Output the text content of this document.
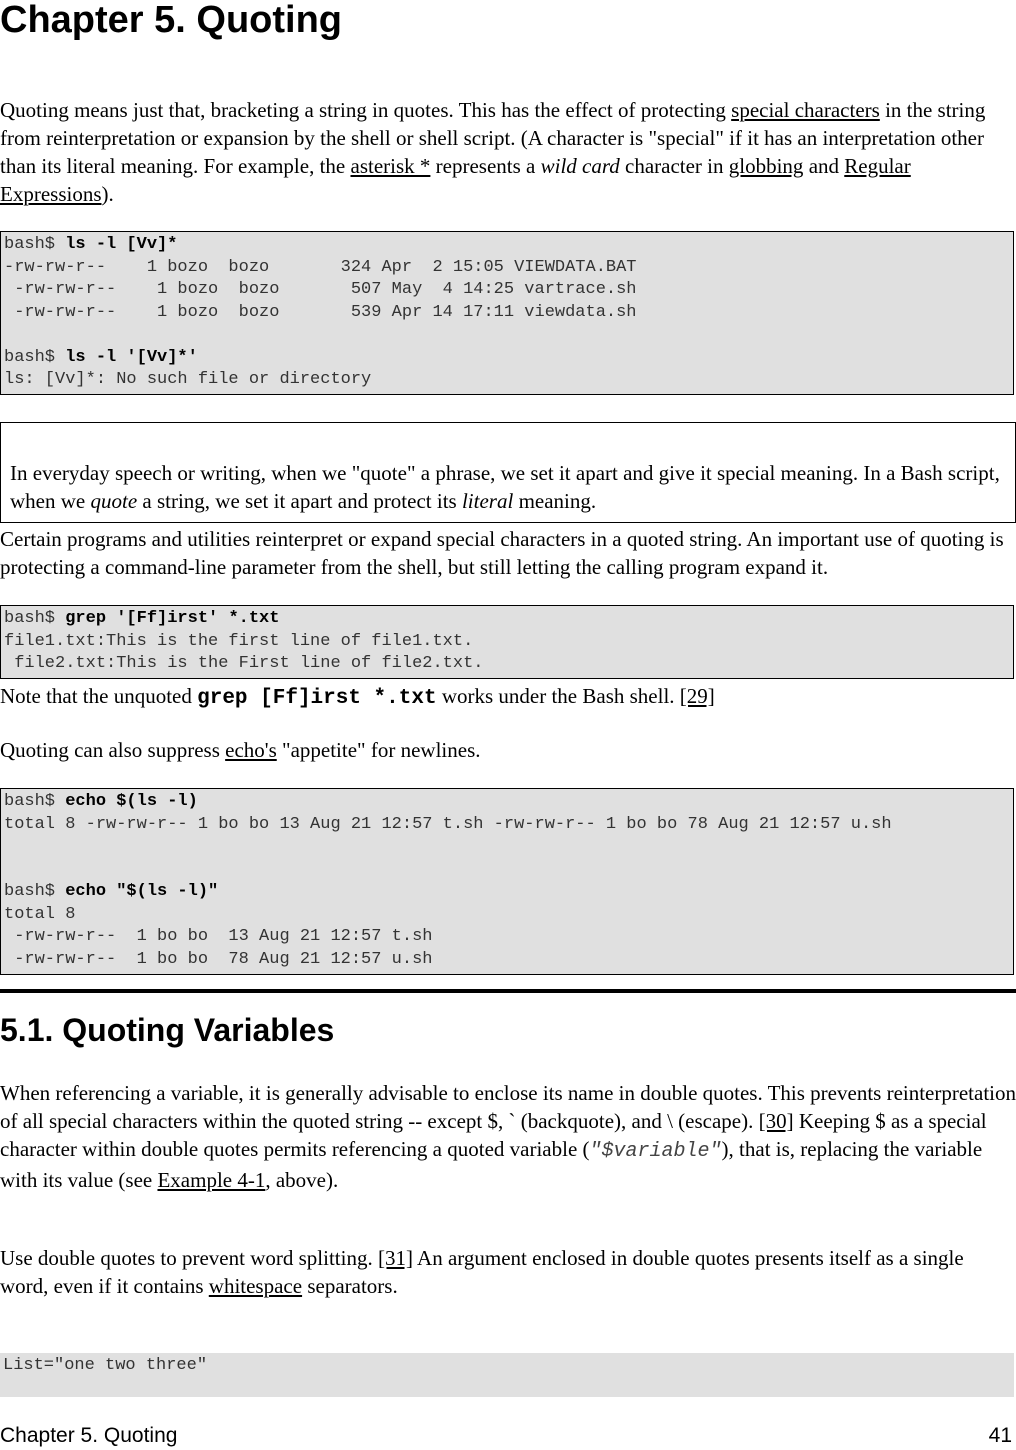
Chapter 5. Quoting

Quoting means just that, bracketing a string in quotes. This has the effect of protecting special characters in the string from reinterpretation or expansion by the shell or shell script. (A character is "special" if it has an interpretation other than its literal meaning. For example, the asterisk * represents a wild card character in globbing and Regular Expressions).

bash$ ls -l [Vv]*
-rw-rw-r--    1 bozo  bozo       324 Apr  2 15:05 VIEWDATA.BAT
-rw-rw-r--    1 bozo  bozo       507 May  4 14:25 vartrace.sh
-rw-rw-r--    1 bozo  bozo       539 Apr 14 17:11 viewdata.sh
bash$ ls -l '[Vv]*'
ls: [Vv]*: No such file or directory

In everyday speech or writing, when we "quote" a phrase, we set it apart and give it special meaning. In a Bash script, when we quote a string, we set it apart and protect its literal meaning.

Certain programs and utilities reinterpret or expand special characters in a quoted string. An important use of quoting is protecting a command-line parameter from the shell, but still letting the calling program expand it.

bash$ grep '[Ff]irst' *.txt
file1.txt:This is the first line of file1.txt.
file2.txt:This is the First line of file2.txt.

Note that the unquoted grep [Ff]irst *.txt works under the Bash shell. [29]

Quoting can also suppress echo's "appetite" for newlines.

bash$ echo $(ls -l)
total 8 -rw-rw-r-- 1 bo bo 13 Aug 21 12:57 t.sh -rw-rw-r-- 1 bo bo 78 Aug 21 12:57 u.sh
bash$ echo "$(ls -l)"
total 8
-rw-rw-r--  1 bo bo  13 Aug 21 12:57 t.sh
-rw-rw-r--  1 bo bo  78 Aug 21 12:57 u.sh
5.1. Quoting Variables

When referencing a variable, it is generally advisable to enclose its name in double quotes. This prevents reinterpretation of all special characters within the quoted string -- except $, ` (backquote), and \ (escape). [30] Keeping $ as a special character within double quotes permits referencing a quoted variable ("$variable"), that is, replacing the variable with its value (see Example 4-1, above).

Use double quotes to prevent word splitting. [31] An argument enclosed in double quotes presents itself as a single word, even if it contains whitespace separators.

List="one two three"
Chapter 5. Quoting	41
